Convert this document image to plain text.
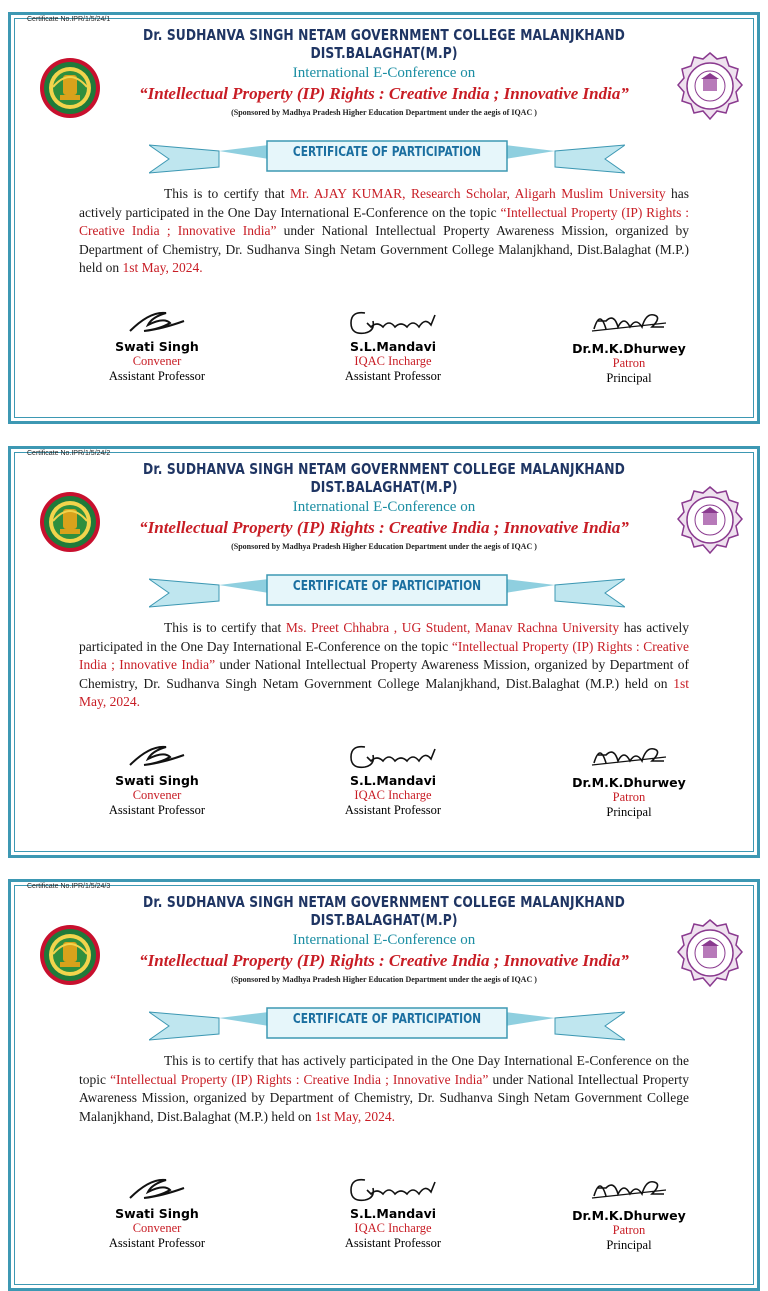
Certificate No.IPR/1/5/24/1
Dr. SUDHANVA SINGH NETAM GOVERNMENT COLLEGE MALANJKHAND DIST.BALAGHAT(M.P)
International E-Conference on
“Intellectual Property (IP) Rights : Creative India ; Innovative India”
(Sponsored by Madhya Pradesh Higher Education Department under the aegis of IQAC )
CERTIFICATE OF PARTICIPATION
This is to certify that Mr. AJAY KUMAR, Research Scholar, Aligarh Muslim University has actively participated in the One Day International E-Conference on the topic “Intellectual Property (IP) Rights : Creative India ; Innovative India” under National Intellectual Property Awareness Mission, organized by Department of Chemistry, Dr. Sudhanva Singh Netam Government College Malanjkhand, Dist.Balaghat (M.P.) held on 1st May, 2024.
Swati Singh
Convener
Assistant Professor
S.L.Mandavi
IQAC Incharge
Assistant Professor
Dr.M.K.Dhurwey
Patron
Principal
Certificate No.IPR/1/5/24/2
Dr. SUDHANVA SINGH NETAM GOVERNMENT COLLEGE MALANJKHAND DIST.BALAGHAT(M.P)
International E-Conference on
“Intellectual Property (IP) Rights : Creative India ; Innovative India”
(Sponsored by Madhya Pradesh Higher Education Department under the aegis of IQAC )
CERTIFICATE OF PARTICIPATION
This is to certify that Ms. Preet Chhabra , UG Student, Manav Rachna University has actively participated in the One Day International E-Conference on the topic “Intellectual Property (IP) Rights : Creative India ; Innovative India” under National Intellectual Property Awareness Mission, organized by Department of Chemistry, Dr. Sudhanva Singh Netam Government College Malanjkhand, Dist.Balaghat (M.P.) held on 1st May, 2024.
Swati Singh
Convener
Assistant Professor
S.L.Mandavi
IQAC Incharge
Assistant Professor
Dr.M.K.Dhurwey
Patron
Principal
Certificate No.IPR/1/5/24/3
Dr. SUDHANVA SINGH NETAM GOVERNMENT COLLEGE MALANJKHAND DIST.BALAGHAT(M.P)
International E-Conference on
“Intellectual Property (IP) Rights : Creative India ; Innovative India”
(Sponsored by Madhya Pradesh Higher Education Department under the aegis of IQAC )
CERTIFICATE OF PARTICIPATION
This is to certify that has actively participated in the One Day International E-Conference on the topic “Intellectual Property (IP) Rights : Creative India ; Innovative India” under National Intellectual Property Awareness Mission, organized by Department of Chemistry, Dr. Sudhanva Singh Netam Government College Malanjkhand, Dist.Balaghat (M.P.) held on 1st May, 2024.
Swati Singh
Convener
Assistant Professor
S.L.Mandavi
IQAC Incharge
Assistant Professor
Dr.M.K.Dhurwey
Patron
Principal
